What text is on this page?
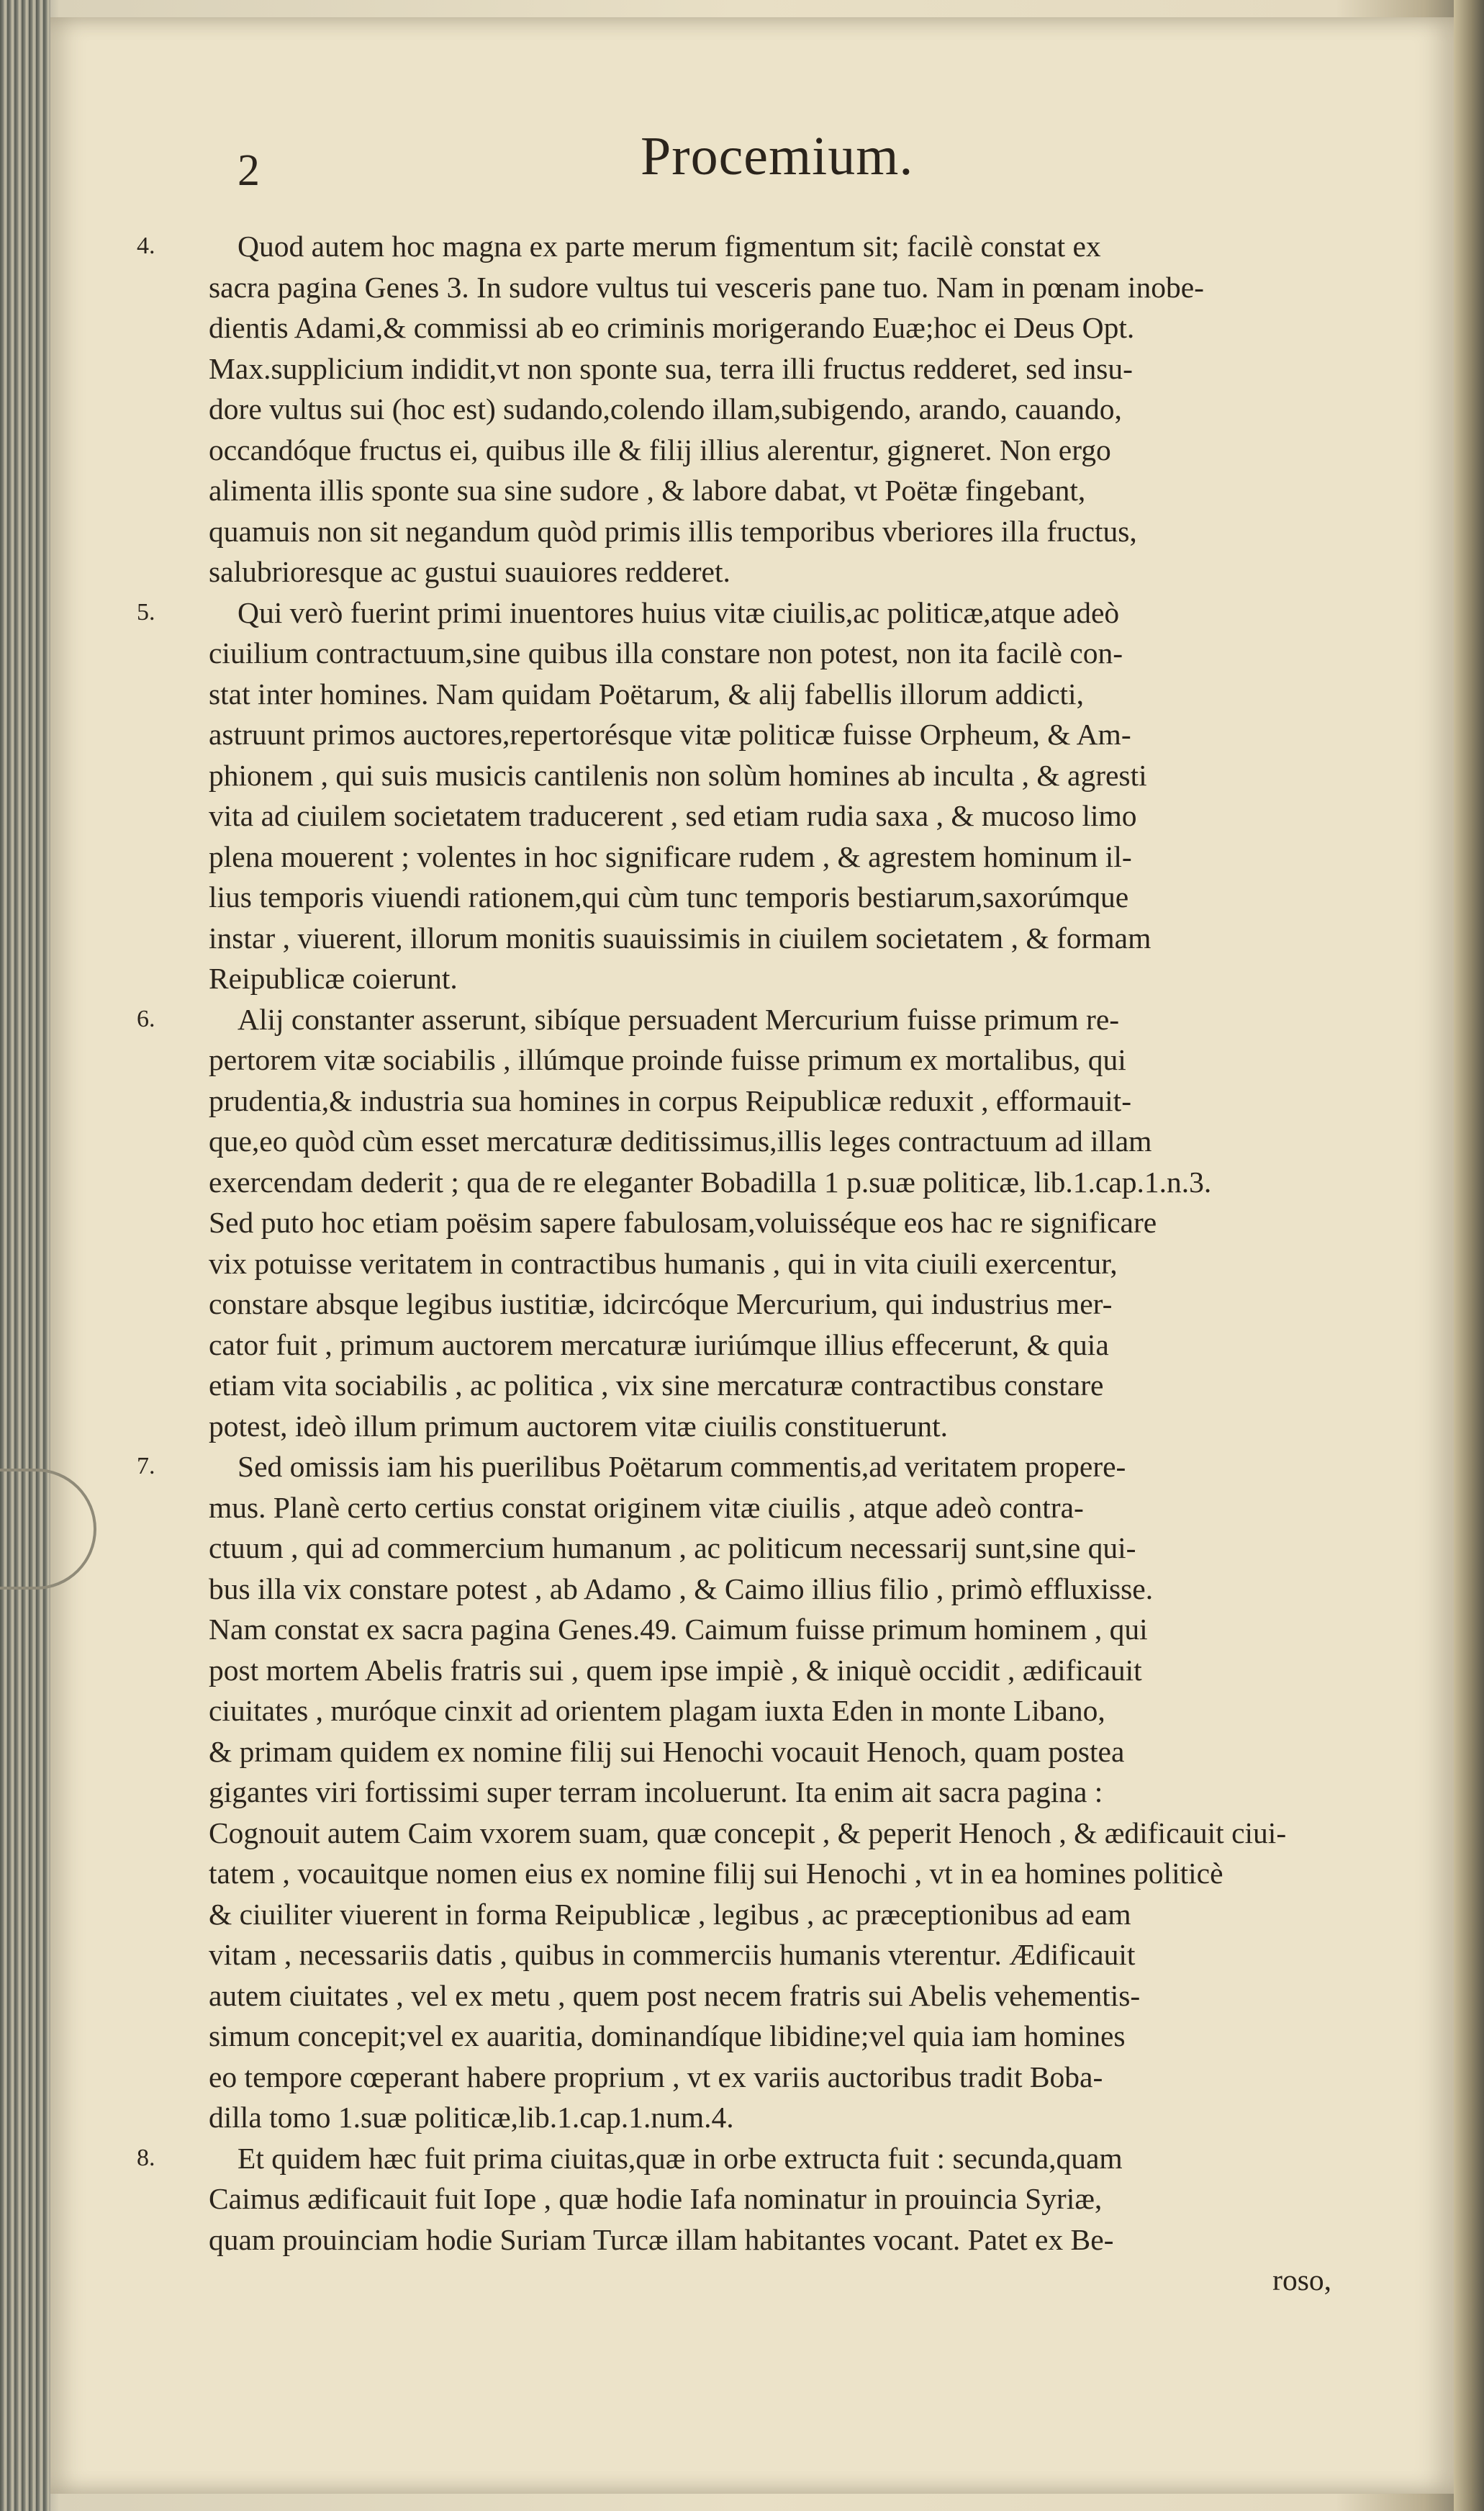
2	Procemium.
4.	Quod autem hoc magna ex parte merum figmentum sit; facilè constat ex
sacra pagina Genes 3. In sudore vultus tui vesceris pane tuo. Nam in pœnam inobe-
dientis Adami,& commissi ab eo criminis morigerando Euæ;hoc ei Deus Opt.
Max.supplicium indidit,vt non sponte sua, terra illi fructus redderet, sed insu-
dore vultus sui (hoc est) sudando,colendo illam,subigendo, arando, cauando,
occandóque fructus ei, quibus ille & filij illius alerentur, gigneret. Non ergo
alimenta illis sponte sua sine sudore , & labore dabat, vt Poëtæ fingebant,
quamuis non sit negandum quòd primis illis temporibus vberiores illa fructus,
salubrioresque ac gustui suauiores redderet.
5.	Qui verò fuerint primi inuentores huius vitæ ciuilis,ac politicæ,atque adeò
ciuilium contractuum,sine quibus illa constare non potest, non ita facilè con-
stat inter homines. Nam quidam Poëtarum, & alij fabellis illorum addicti,
astruunt primos auctores,repertorésque vitæ politicæ fuisse Orpheum, & Am-
phionem , qui suis musicis cantilenis non solùm homines ab inculta , & agresti
vita ad ciuilem societatem traducerent , sed etiam rudia saxa , & mucoso limo
plena mouerent ; volentes in hoc significare rudem , & agrestem hominum il-
lius temporis viuendi rationem,qui cùm tunc temporis bestiarum,saxorúmque
instar , viuerent, illorum monitis suauissimis in ciuilem societatem , & formam
Reipublicæ coierunt.
6.	Alij constanter asserunt, sibíque persuadent Mercurium fuisse primum re-
pertorem vitæ sociabilis , illúmque proinde fuisse primum ex mortalibus, qui
prudentia,& industria sua homines in corpus Reipublicæ reduxit , efformauit-
que,eo quòd cùm esset mercaturæ deditissimus,illis leges contractuum ad illam
exercendam dederit ; qua de re eleganter Bobadilla 1 p.suæ politicæ, lib.1.cap.1.n.3.
Sed puto hoc etiam poësim sapere fabulosam,voluisséque eos hac re significare
vix potuisse veritatem in contractibus humanis , qui in vita ciuili exercentur,
constare absque legibus iustitiæ, idcircóque Mercurium, qui industrius mer-
cator fuit , primum auctorem mercaturæ iuriúmque illius effecerunt, & quia
etiam vita sociabilis , ac politica , vix sine mercaturæ contractibus constare
potest, ideò illum primum auctorem vitæ ciuilis constituerunt.
7.	Sed omissis iam his puerilibus Poëtarum commentis,ad veritatem propere-
mus. Planè certo certius constat originem vitæ ciuilis , atque adeò contra-
ctuum , qui ad commercium humanum , ac politicum necessarij sunt,sine qui-
bus illa vix constare potest , ab Adamo , & Caimo illius filio , primò effluxisse.
Nam constat ex sacra pagina Genes.49. Caimum fuisse primum hominem , qui
post mortem Abelis fratris sui , quem ipse impiè , & iniquè occidit , ædificauit
ciuitates , muróque cinxit ad orientem plagam iuxta Eden in monte Libano,
& primam quidem ex nomine filij sui Henochi vocauit Henoch, quam postea
gigantes viri fortissimi super terram incoluerunt. Ita enim ait sacra pagina :
Cognouit autem Caim vxorem suam, quæ concepit , & peperit Henoch , & ædificauit ciui-
tatem , vocauitque nomen eius ex nomine filij sui Henochi , vt in ea homines politicè
& ciuiliter viuerent in forma Reipublicæ , legibus , ac præceptionibus ad eam
vitam , necessariis datis , quibus in commerciis humanis vterentur. Ædificauit
autem ciuitates , vel ex metu , quem post necem fratris sui Abelis vehementis-
simum concepit;vel ex auaritia, dominandíque libidine;vel quia iam homines
eo tempore cœperant habere proprium , vt ex variis auctoribus tradit Boba-
dilla tomo 1.suæ politicæ,lib.1.cap.1.num.4.
8.	Et quidem hæc fuit prima ciuitas,quæ in orbe extructa fuit : secunda,quam
Caimus ædificauit fuit Iope , quæ hodie Iafa nominatur in prouincia Syriæ,
quam prouinciam hodie Suriam Turcæ illam habitantes vocant. Patet ex Be-
roso,
